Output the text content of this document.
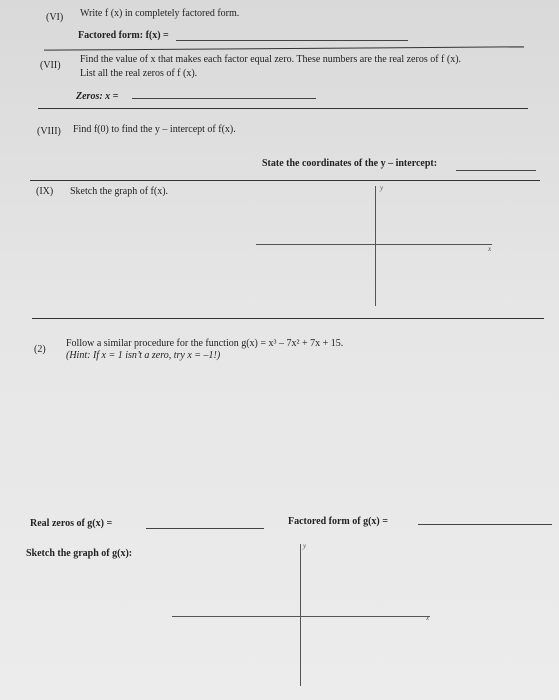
(VI) Write f (x) in completely factored form.
Factored form: f(x) =
(VII)
Find the value of x that makes each factor equal zero. These numbers are the real zeros of f (x).
List all the real zeros of f (x).
Zeros: x =
(VIII) Find f(0) to find the y – intercept of f(x).
State the coordinates of the y – intercept:
(IX) Sketch the graph of f(x).	y
x
(2)
Follow a similar procedure for the function g(x) = x³ – 7x² + 7x + 15.
(Hint: If x = 1 isn’t a zero, try x = –1!)
Real zeros of g(x) =	Factored form of g(x) =
Sketch the graph of g(x):
y
x
